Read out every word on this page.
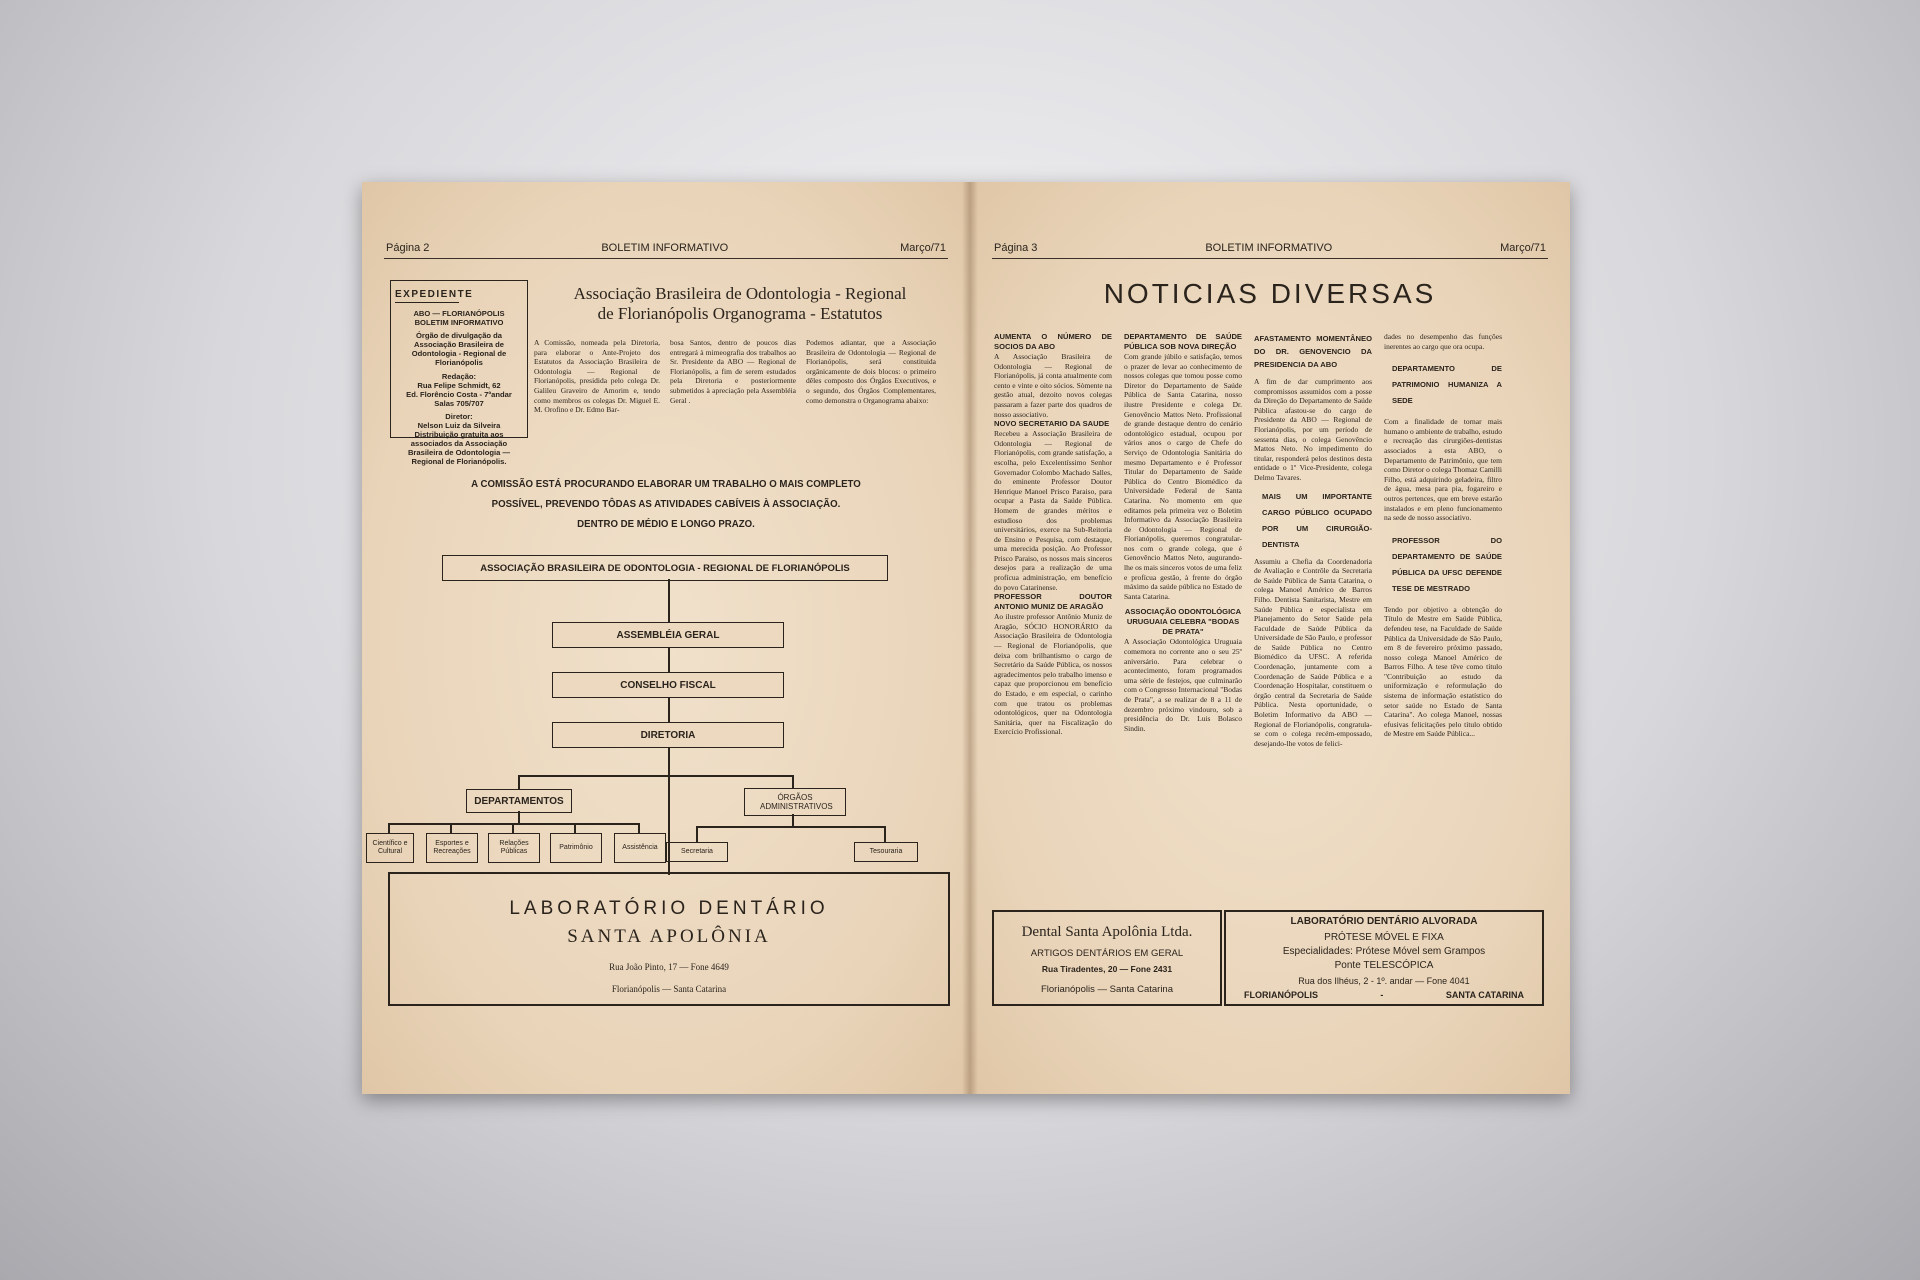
Página 2	BOLETIM INFORMATIVO	Março/71
EXPEDIENTE
ABO — FLORIANÓPOLIS
BOLETIM INFORMATIVO
Órgão de divulgação da
Associação Brasileira de
Odontologia - Regional de
Florianópolis
Redação:
Rua Felipe Schmidt, 62
Ed. Florêncio Costa - 7ºandar
Salas 705/707
Diretor:
Nelson Luiz da Silveira
Distribuição gratuita aos
associados da Associação
Brasileira de Odontologia —
Regional de Florianópolis.
Associação Brasileira de Odontologia - Regional
de Florianópolis Organograma - Estatutos
A Comissão, nomeada pela Diretoria, para elaborar o Ante-Projeto dos Estatutos da Associação Brasileira de Odontologia — Regional de Florianópolis, presidida pelo colega Dr. Galileu Graveiro de Amorim e, tendo como membros os colegas Dr. Miguel E. M. Orofino e Dr. Edmo Bar-
bosa Santos, dentro de poucos dias entregará à mimeografia dos trabalhos ao Sr. Presidente da ABO — Regional de Florianópolis, a fim de serem estudados pela Diretoria e posteriormente submetidos à apreciação pela Assembléia Geral .
Podemos adiantar, que a Associação Brasileira de Odontologia — Regional de Florianópolis, será constituida orgânicamente de dois blocos: o primeiro dêles composto dos Órgãos Executivos, e o segundo, dos Órgãos Complementares, como demonstra o Organograma abaixo:
A COMISSÃO ESTÁ PROCURANDO ELABORAR UM TRABALHO O MAIS COMPLETO
POSSÍVEL, PREVENDO TÔDAS AS ATIVIDADES CABÍVEIS À ASSOCIAÇÃO.
DENTRO DE MÉDIO E LONGO PRAZO.
ASSOCIAÇÃO BRASILEIRA DE ODONTOLOGIA - REGIONAL DE FLORIANÓPOLIS
ASSEMBLÉIA GERAL
CONSELHO FISCAL
DIRETORIA
DEPARTAMENTOS	ÓRGÃOS ADMINISTRATIVOS
Científico e Cultural
Esportes e Recreações
Relações Públicas
Patrimônio	Assistência
Secretaria	Tesouraria
LABORATÓRIO DENTÁRIO
SANTA APOLÔNIA
Rua João Pinto, 17 — Fone 4649
Florianópolis — Santa Catarina
Página 3	BOLETIM INFORMATIVO	Março/71
NOTICIAS DIVERSAS
AUMENTA O NÚMERO DE SOCIOS DA ABO
A Associação Brasileira de Odontologia — Regional de Florianópolis, já conta atualmente com cento e vinte e oito sócios. Sòmente na gestão atual, dezoito novos colegas passaram a fazer parte dos quadros de nosso associativo.
NOVO SECRETARIO DA SAUDE
Recebeu a Associação Brasileira de Odontologia — Regional de Florianópolis, com grande satisfação, a escolha, pelo Excelentíssimo Senhor Governador Colombo Machado Salles, do eminente Professor Doutor Henrique Manoel Prisco Paraiso, para ocupar a Pasta da Saúde Pública. Homem de grandes méritos e estudioso dos problemas universitários, exerce na Sub-Reitoria de Ensino e Pesquisa, com destaque, uma merecida posição. Ao Professor Prisco Paraiso, os nossos mais sinceros desejos para a realização de uma profícua administração, em benefício do povo Catarinense.
PROFESSOR DOUTOR ANTONIO MUNIZ DE ARAGÃO
Ao ilustre professor Antônio Muniz de Aragão, SÓCIO HONORÁRIO da Associação Brasileira de Odontologia — Regional de Florianópolis, que deixa com brilhantismo o cargo de Secretário da Saúde Pública, os nossos agradecimentos pelo trabalho imenso e capaz que proporcionou em benefício do Estado, e em especial, o carinho com que tratou os problemas odontológicos, quer na Odontologia Sanitária, quer na Fiscalização do Exercício Profissional.
DEPARTAMENTO DE SAÚDE PÚBLICA SOB NOVA DIREÇÃO
Com grande júbilo e satisfação, temos o prazer de levar ao conhecimento de nossos colegas que tomou posse como Diretor do Departamento de Saúde Pública de Santa Catarina, nosso ilustre Presidente e colega Dr. Genovêncio Mattos Neto. Profissional de grande destaque dentro do cenário odontológico estadual, ocupou por vários anos o cargo de Chefe do Serviço de Odontologia Sanitária do mesmo Departamento e é Professor Titular do Departamento de Saúde Pública do Centro Biomédico da Universidade Federal de Santa Catarina. No momento em que editamos pela primeira vez o Boletim Informativo da Associação Brasileira de Odontologia — Regional de Florianópolis, queremos congratular-nos com o grande colega, que é Genovêncio Mattos Neto, augurando-lhe os mais sinceros votos de uma feliz e profícua gestão, à frente do órgão máximo da saúde pública no Estado de Santa Catarina.
ASSOCIAÇÃO ODONTOLÓGICA URUGUAIA CELEBRA "BODAS DE PRATA"
A Associação Odontológica Uruguaia comemora no corrente ano o seu 25º aniversário. Para celebrar o acontecimento, foram programados uma série de festejos, que culminarão com o Congresso Internacional "Bodas de Prata", a se realizar de 8 a 11 de dezembro próximo vindouro, sob a presidência do Dr. Luis Bolasco Sindin.
AFASTAMENTO MOMENTÂNEO DO DR. GENOVENCIO DA PRESIDENCIA DA ABO
A fim de dar cumprimento aos compromissos assumidos com a posse da Direção do Departamento de Saúde Pública afastou-se do cargo de Presidente da ABO — Regional de Florianópolis, por um período de sessenta dias, o colega Genovêncio Mattos Neto. No impedimento do titular, responderá pelos destinos desta entidade o 1º Vice-Presidente, colega Delmo Tavares.
MAIS UM IMPORTANTE CARGO PÚBLICO OCUPADO POR UM CIRURGIÃO-DENTISTA
Assumiu a Chefia da Coordenadoria de Avaliação e Contrôle da Secretaria de Saúde Pública de Santa Catarina, o colega Manoel Américo de Barros Filho. Dentista Sanitarista, Mestre em Saúde Pública e especialista em Planejamento do Setor Saúde pela Faculdade de Saúde Pública da Universidade de São Paulo, e professor de Saúde Pública no Centro Biomédico da UFSC. A referida Coordenação, juntamente com a Coordenação de Saúde Pública e a Coordenação Hospitalar, constituem o órgão central da Secretaria de Saúde Pública. Nesta oportunidade, o Boletim Informativo da ABO — Regional de Florianópolis, congratula-se com o colega recém-empossado, desejando-lhe votos de felici-
dades no desempenho das funções inerentes ao cargo que ora ocupa.
DEPARTAMENTO DE PATRIMONIO HUMANIZA A SEDE
Com a finalidade de tornar mais humano o ambiente de trabalho, estudo e recreação das cirurgiões-dentistas associados a esta ABO, o Departamento de Patrimônio, que tem como Diretor o colega Thomaz Camilli Filho, está adquirindo geladeira, filtro de água, mesa para pia, fogareiro e outros pertences, que em breve estarão instalados e em pleno funcionamento na sede de nosso associativo.
PROFESSOR DO DEPARTAMENTO DE SAÚDE PÚBLICA DA UFSC DEFENDE TESE DE MESTRADO
Tendo por objetivo a obtenção do Título de Mestre em Saúde Pública, defendeu tese, na Faculdade de Saúde Pública da Universidade de São Paulo, em 8 de fevereiro próximo passado, nosso colega Manoel Américo de Barros Filho. A tese têve como título "Contribuição ao estudo da uniformização e reformulação do sistema de informação estatístico do setor saúde no Estado de Santa Catarina". Ao colega Manoel, nossas efusivas felicitações pelo título obtido de Mestre em Saúde Pública...
Dental Santa Apolônia Ltda.
ARTIGOS DENTÁRIOS EM GERAL
Rua Tiradentes, 20 — Fone 2431
Florianópolis — Santa Catarina
LABORATÓRIO DENTÁRIO ALVORADA
PRÓTESE MÓVEL E FIXA
Especialidades: Prótese Móvel sem Grampos
Ponte TELESCÓPICA
Rua dos Ilhéus, 2 - 1º. andar — Fone 4041
FLORIANÓPOLIS	-	SANTA CATARINA
